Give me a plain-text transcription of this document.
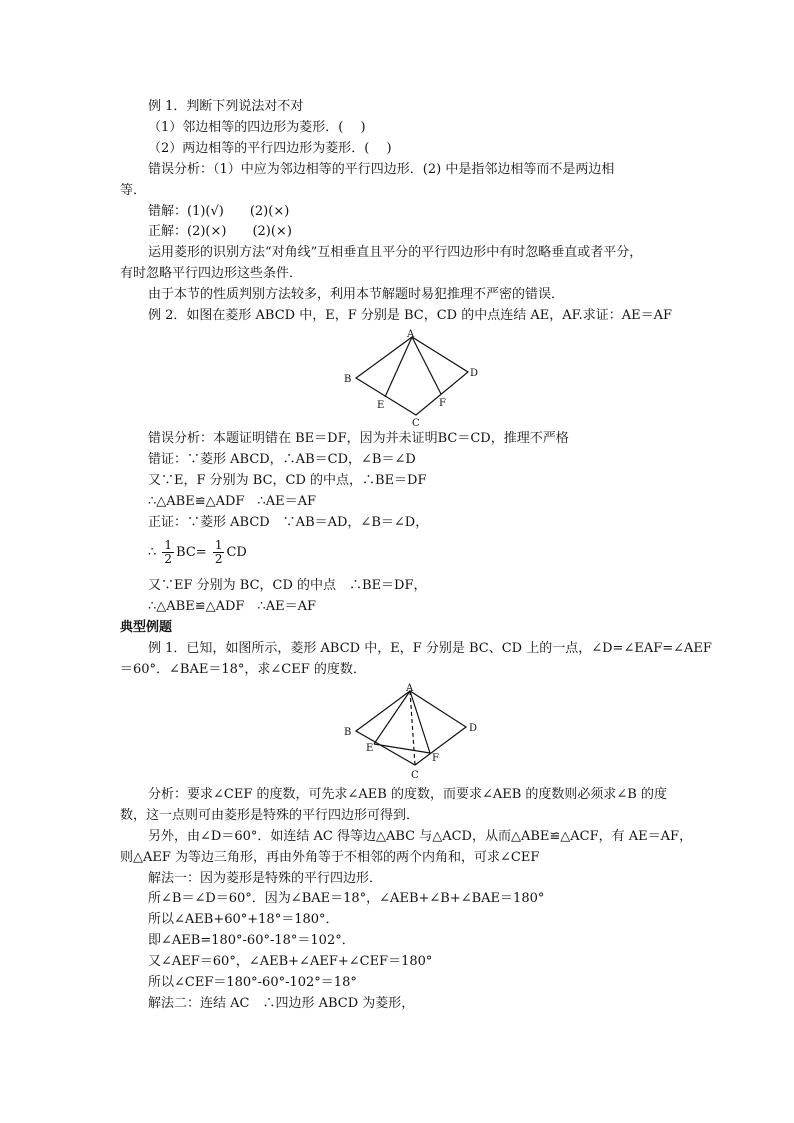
例 1．判断下列说法对不对
（1）邻边相等的四边形为菱形．(　 )
（2）两边相等的平行四边形为菱形．(　 )
错误分析：（1）中应为邻边相等的平行四边形．(2) 中是指邻边相等而不是两边相
等．
错解：(1)(√)　　(2)(×)
正解：(2)(×)　　(2)(×)
运用菱形的识别方法“对角线”互相垂直且平分的平行四边形中有时忽略垂直或者平分，
有时忽略平行四边形这些条件．
由于本节的性质判别方法较多，利用本节解题时易犯推理不严密的错误．
例 2．如图在菱形 ABCD 中，E，F 分别是 BC，CD 的中点连结 AE，AF.求证：AE＝AF
A
B
C
D
E	F
错误分析：本题证明错在 BE＝DF，因为并未证明BC＝CD，推理不严格
错证：∵菱形 ABCD，∴AB＝CD，∠B＝∠D
又∵E，F 分别为 BC，CD 的中点，∴BE＝DF
∴△ABE≌△ADF　∴AE＝AF
正证：∵菱形 ABCD　∵AB＝AD，∠B＝∠D，
∴ $\frac{1}{2} BC= \frac{1}{2}$ CD
又∵EF 分别为 BC，CD 的中点　∴BE＝DF，
∴△ABE≌△ADF　∴AE＝AF
典型例题
例 1．已知，如图所示，菱形 ABCD 中，E，F 分别是 BC、CD 上的一点，∠D=∠EAF=∠AEF
＝60°．∠BAE＝18°，求∠CEF 的度数．
A
B
C
D
E
F
分析：要求∠CEF 的度数，可先求∠AEB 的度数，而要求∠AEB 的度数则必须求∠B 的度
数，这一点则可由菱形是特殊的平行四边形可得到．
另外，由∠D＝60°．如连结 AC 得等边△ABC 与△ACD，从而△ABE≌△ACF，有 AE＝AF，
则△AEF 为等边三角形，再由外角等于不相邻的两个内角和，可求∠CEF
解法一：因为菱形是特殊的平行四边形．
所∠B＝∠D＝60°．因为∠BAE＝18°，∠AEB+∠B+∠BAE＝180°
所以∠AEB+60°+18°＝180°．
即∠AEB=180°-60°-18°＝102°．
又∠AEF＝60°，∠AEB+∠AEF+∠CEF＝180°
所以∠CEF＝180°-60°-102°＝18°
解法二：连结 AC　∴四边形 ABCD 为菱形，
